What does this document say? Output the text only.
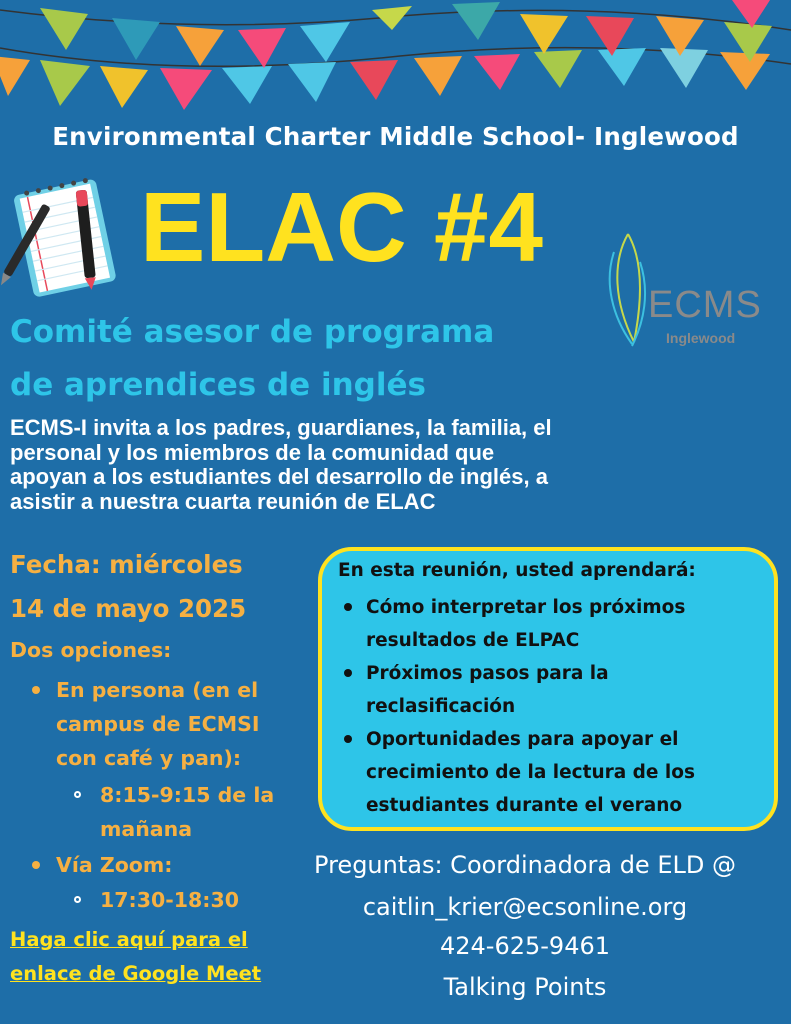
Environmental Charter Middle School- Inglewood
ELAC #4
ECMS
Inglewood
Comité asesor de programa
de aprendices de inglés
ECMS-I invita a los padres, guardianes, la familia, el
personal y los miembros de la comunidad que
apoyan a los estudiantes del desarrollo de inglés, a
asistir a nuestra cuarta reunión de ELAC
Fecha: miércoles
14 de mayo 2025
Dos opciones:
En persona (en el
campus de ECMSI
con café y pan):
8:15-9:15 de la
mañana
Vía Zoom:
17:30-18:30
Haga clic aquí para el
enlace de Google Meet
En esta reunión, usted aprendará:
Cómo interpretar los próximos
resultados de ELPAC
Próximos pasos para la
reclasificación
Oportunidades para apoyar el
crecimiento de la lectura de los
estudiantes durante el verano
Preguntas: Coordinadora de ELD @
caitlin_krier@ecsonline.org
424-625-9461
Talking Points
